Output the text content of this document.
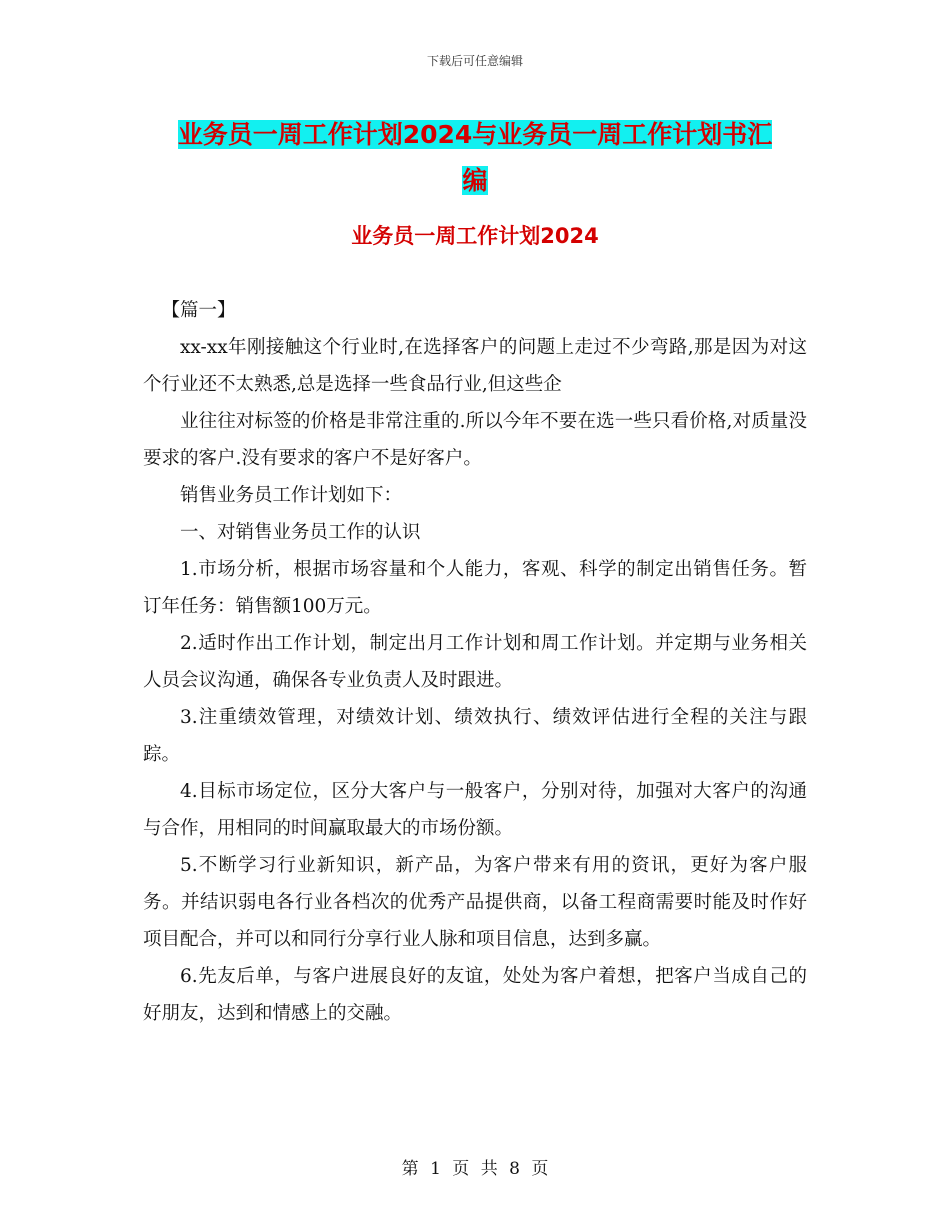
下载后可任意编辑
业务员一周工作计划2024与业务员一周工作计划书汇
编
业务员一周工作计划2024

【篇一】

xx-xx年刚接触这个行业时,在选择客户的问题上走过不少弯路,那是因为对这个行业还不太熟悉,总是选择一些食品行业,但这些企

业往往对标签的价格是非常注重的.所以今年不要在选一些只看价格,对质量没要求的客户.没有要求的客户不是好客户。

销售业务员工作计划如下：

一、对销售业务员工作的认识

1.市场分析，根据市场容量和个人能力，客观、科学的制定出销售任务。暂订年任务：销售额100万元。

2.适时作出工作计划，制定出月工作计划和周工作计划。并定期与业务相关人员会议沟通，确保各专业负责人及时跟进。

3.注重绩效管理，对绩效计划、绩效执行、绩效评估进行全程的关注与跟踪。

4.目标市场定位，区分大客户与一般客户，分别对待，加强对大客户的沟通与合作，用相同的时间赢取最大的市场份额。

5.不断学习行业新知识，新产品，为客户带来有用的资讯，更好为客户服务。并结识弱电各行业各档次的优秀产品提供商，以备工程商需要时能及时作好项目配合，并可以和同行分享行业人脉和项目信息，达到多赢。

6.先友后单，与客户进展良好的友谊，处处为客户着想，把客户当成自己的好朋友，达到和情感上的交融。

第 1 页 共 8 页
